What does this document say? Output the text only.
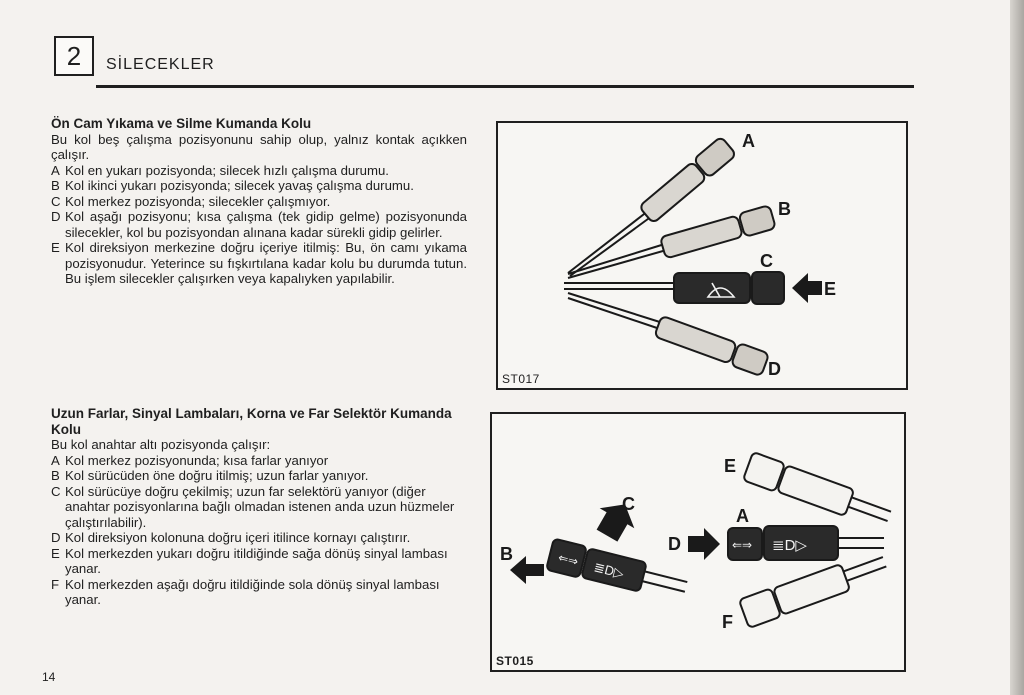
2	SİLECEKLER
Ön Cam Yıkama ve Silme Kumanda Kolu
Bu kol beş çalışma pozisyonunu sahip olup, yalnız kontak açıkken çalışır.
A Kol en yukarı pozisyonda; silecek hızlı çalışma durumu.
B Kol ikinci yukarı pozisyonda; silecek yavaş çalışma durumu.
C Kol merkez pozisyonda; silecekler çalışmıyor.
D Kol aşağı pozisyonu; kısa çalışma (tek gidip gelme) pozisyonunda silecekler, kol bu pozisyondan alınana kadar sürekli gidip gelirler.
E Kol direksiyon merkezine doğru içeriye itilmiş: Bu, ön camı yıkama pozisyonudur. Yeterince su fışkırtılana kadar kolu bu durumda tutun. Bu işlem silecekler çalışırken veya kapalıyken yapılabilir.
Uzun Farlar, Sinyal Lambaları, Korna ve Far Selektör Kumanda Kolu
Bu kol anahtar altı pozisyonda çalışır:
A Kol merkez pozisyonunda; kısa farlar yanıyor
B Kol sürücüden öne doğru itilmiş; uzun farlar yanıyor.
C Kol sürücüye doğru çekilmiş; uzun far selektörü yanıyor (diğer anahtar pozisyonlarına bağlı olmadan istenen anda uzun hüzmeler çalıştırılabilir).
D Kol direksiyon kolonuna doğru içeri itilince kornayı çalıştırır.
E Kol merkezden yukarı doğru itildiğinde sağa dönüş sinyal lambası yanar.
F Kol merkezden aşağı doğru itildiğinde sola dönüş sinyal lambası yanar.
14
A
B
C
E
D
ST017
⇐⇒ ≣D▷
B
C
⇐⇒ ≣D▷
D
A
E
F
ST015
